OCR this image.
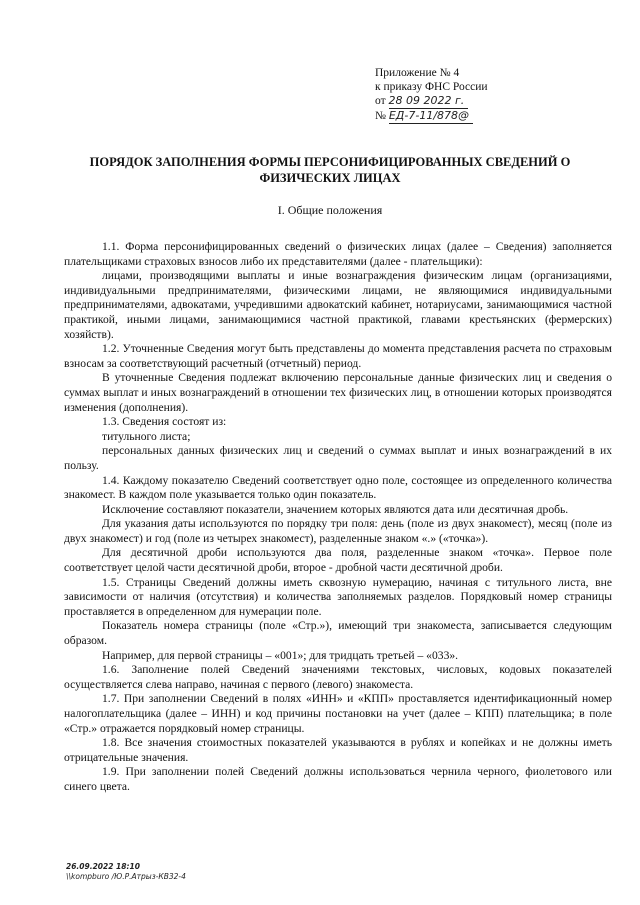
Приложение № 4
к приказу ФНС России
от 28 09 2022 г.
№ ЕД-7-11/878@
ПОРЯДОК ЗАПОЛНЕНИЯ ФОРМЫ ПЕРСОНИФИЦИРОВАННЫХ СВЕДЕНИЙ О ФИЗИЧЕСКИХ ЛИЦАХ
I. Общие положения

1.1. Форма персонифицированных сведений о физических лицах (далее – Сведения) заполняется плательщиками страховых взносов либо их представителями (далее - плательщики):

лицами, производящими выплаты и иные вознаграждения физическим лицам (организациями, индивидуальными предпринимателями, физическими лицами, не являющимися индивидуальными предпринимателями, адвокатами, учредившими адвокатский кабинет, нотариусами, занимающимися частной практикой, иными лицами, занимающимися частной практикой, главами крестьянских (фермерских) хозяйств).

1.2. Уточненные Сведения могут быть представлены до момента представления расчета по страховым взносам за соответствующий расчетный (отчетный) период.

В уточненные Сведения подлежат включению персональные данные физических лиц и сведения о суммах выплат и иных вознаграждений в отношении тех физических лиц, в отношении которых производятся изменения (дополнения).

1.3. Сведения состоят из:

титульного листа;

персональных данных физических лиц и сведений о суммах выплат и иных вознаграждений в их пользу.

1.4. Каждому показателю Сведений соответствует одно поле, состоящее из определенного количества знакомест. В каждом поле указывается только один показатель.

Исключение составляют показатели, значением которых являются дата или десятичная дробь.

Для указания даты используются по порядку три поля: день (поле из двух знакомест), месяц (поле из двух знакомест) и год (поле из четырех знакомест), разделенные знаком «.» («точка»).

Для десятичной дроби используются два поля, разделенные знаком «точка». Первое поле соответствует целой части десятичной дроби, второе - дробной части десятичной дроби.

1.5. Страницы Сведений должны иметь сквозную нумерацию, начиная с титульного листа, вне зависимости от наличия (отсутствия) и количества заполняемых разделов. Порядковый номер страницы проставляется в определенном для нумерации поле.

Показатель номера страницы (поле «Стр.»), имеющий три знакоместа, записывается следующим образом.

Например, для первой страницы – «001»; для тридцать третьей – «033».

1.6. Заполнение полей Сведений значениями текстовых, числовых, кодовых показателей осуществляется слева направо, начиная с первого (левого) знакоместа.

1.7. При заполнении Сведений в полях «ИНН» и «КПП» проставляется идентификационный номер налогоплательщика (далее – ИНН) и код причины постановки на учет (далее – КПП) плательщика; в поле «Стр.» отражается порядковый номер страницы.

1.8. Все значения стоимостных показателей указываются в рублях и копейках и не должны иметь отрицательные значения.

1.9. При заполнении полей Сведений должны использоваться чернила черного, фиолетового или синего цвета.

26.09.2022 18:10
\\kompburo /Ю.Р.Атрыз-КВ32-4
